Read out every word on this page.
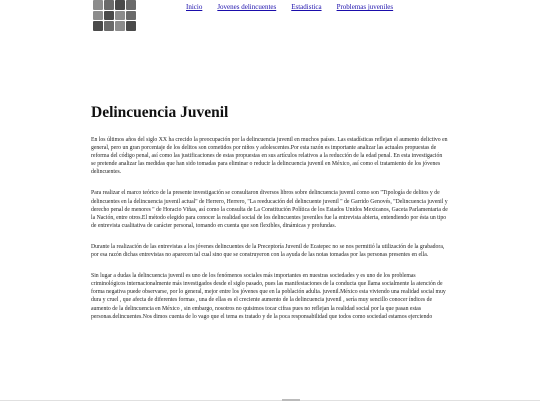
Inicio Jovenes delincuentes Estadistica Problemas juveniles
Delincuencia Juvenil

En los últimos años del siglo XX ha crecido la preocupación por la delincuencia juvenil en muchos países. Las estadísticas reflejan el aumento delictivo en general, pero un gran porcentaje de los delitos son cometidos por niños y adolescentes.Por esta razón es importante analizar las actuales propuestas de reforma del código penal, así como las justificaciones de estas propuestas en sus artículos relativos a la reducción de la edad penal. En esta investigación se pretende analizar las medidas que han sido tomadas para eliminar o reducir la delincuencia juvenil en México, así como el tratamiento de los jóvenes delincuentes.

Para realizar el marco teórico de la presente investigación se consultaron diversos libros sobre delincuencia juvenil como son "Tipología de delitos y de delincuentes en la delincuencia juvenil actual" de Herrero, Herrero, "La reeducación del delincuente juvenil " de Garrido Genovés, "Delincuencia juvenil y derecho penal de menores " de Horacio Viñas, así como la consulta de La Constitución Política de los Estados Unidos Mexicanos, Gaceta Parlamentaria de la Nación, entre otros.El método elegido para conocer la realidad social de los delincuentes juveniles fue la entrevista abierta, entendiendo por ésta un tipo de entrevista cualitativa de carácter personal, tomando en cuenta que son flexibles, dinámicas y profundas.

Durante la realización de las entrevistas a los jóvenes delincuentes de la Preceptoría Juvenil de Ecatepec no se nos permitió la utilización de la grabadora, por esa razón dichas entrevistas no aparecen tal cual sino que se construyeron con la ayuda de las notas tomadas por las personas presentes en ella.

Sin lugar a dudas la delincuencia juvenil es uno de los fenómenos sociales más importantes en nuestras sociedades y es uno de los problemas criminológicos internacionalmente más investigados desde el siglo pasado, pues las manifestaciones de la conducta que llama socialmente la atención de forma negativa puede observarse, por lo general, mejor entre los jóvenes que en la población adulta. juvenil.México esta viviendo una realidad social muy dura y cruel , que afecta de diferentes formas , una de ellas es el creciente aumento de la delincuencia juvenil , sería muy sencillo conocer índices de aumento de la delincuencia en México , sin embargo, nosotros no quisimos tocar cifras pues no reflejan la realidad social por la que pasan estas personas.delincuentes.Nos dimos cuenta de lo vago que el tema es tratado y de la poca responsabilidad que todos como sociedad estamos ejerciendo
